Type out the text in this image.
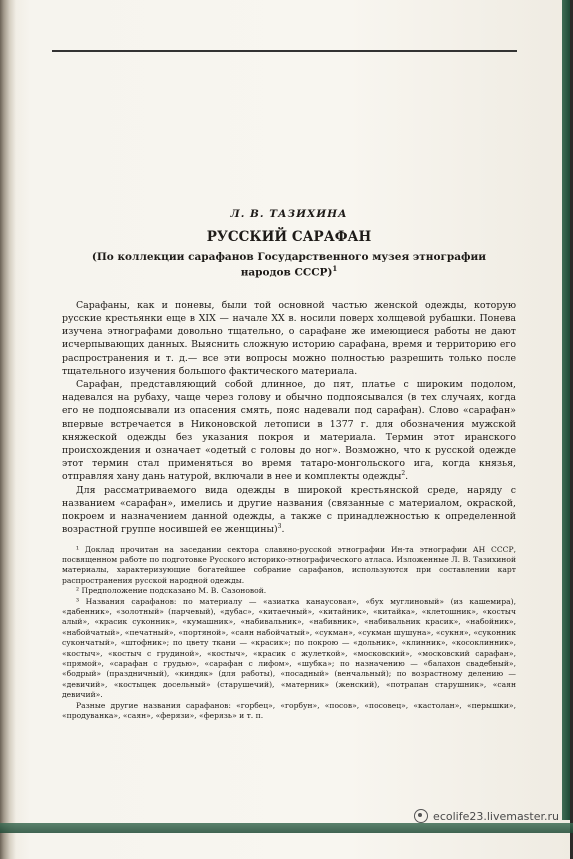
Л. В. ТАЗИХИНА

РУССКИЙ САРАФАН

(По коллекции сарафанов Государственного музея этнографии народов СССР)$^1$

Сарафаны, как и поневы, были той основной частью женской одежды, которую русские крестьянки еще в XIX — начале XX в. носили поверх холщевой рубашки. Понева изучена этнографами довольно тщательно, о сарафане же имеющиеся работы не дают исчерпывающих данных. Выяснить сложную историю сарафана, время и территорию его распространения и т. д.— все эти вопросы можно полностью разрешить только после тщательного изучения большого фактического материала.

Сарафан, представляющий собой длинное, до пят, платье с широким подолом, надевался на рубаху, чаще через голову и обычно подпоясывался (в тех случаях, когда его не подпоясывали из опасения смять, пояс надевали под сарафан). Слово «сарафан» впервые встречается в Никоновской летописи в 1377 г. для обозначения мужской княжеской одежды без указания покроя и материала. Термин этот иранского происхождения и означает «одетый с головы до ног». Возможно, что к русской одежде этот термин стал применяться во время татаро-монгольского ига, когда князья, отправляя хану дань натурой, включали в нее и комплекты одежды$^2$.

Для рассматриваемого вида одежды в широкой крестьянской среде, наряду с названием «сарафан», имелись и другие названия (связанные с материалом, окраской, покроем и назначением данной одежды, а также с принадлежностью к определенной возрастной группе носившей ее женщины)$^3$.

¹ Доклад прочитан на заседании сектора славяно-русской этнографии Ин-та этнографии АН СССР, посвященном работе по подготовке Русского историко-этнографического атласа. Изложенные Л. В. Тазихиной материалы, характеризующие богатейшее собрание сарафанов, используются при составлении карт распространения русской народной одежды.

² Предположение подсказано М. В. Сазоновой.

³ Названия сарафанов: по материалу — «азиатка канаусовая», «бух муглиновый» (из кашемира), «дабенник», «золотный» (парчевый), «дубас», «китаечный», «китайник», «китайка», «клетошник», «костыч алый», «красик суконник», «кумашник», «набивальник», «набивник», «набивальник красик», «набойник», «набойчатый», «печатный», «портяной», «саян набойчатый», «сукман», «сукман шушуна», «сукня», «суконник сукончатый», «штофник»; по цвету ткани — «красик»; по покрою — «дольник», «клинник», «косоклинник», «костыч», «костыч с грудиной», «костыч», «красик с жулеткой», «московский», «московский сарафан», «прямой», «сарафан с грудью», «сарафан с лифом», «шубка»; по назначению — «балахон свадебный», «бодрый» (праздничный), «киндяк» (для работы), «посадный» (венчальный); по возрастному делению — «девичий», «костыцек досельный» (старушечий), «матерник» (женский), «потрапан старушник», «саян девичий».

Разные другие названия сарафанов: «горбец», «горбун», «посов», «посовец», «кастолан», «перышки», «продуванка», «саян», «ферязи», «ферязь» и т. п.

ecolife23.livemaster.ru
